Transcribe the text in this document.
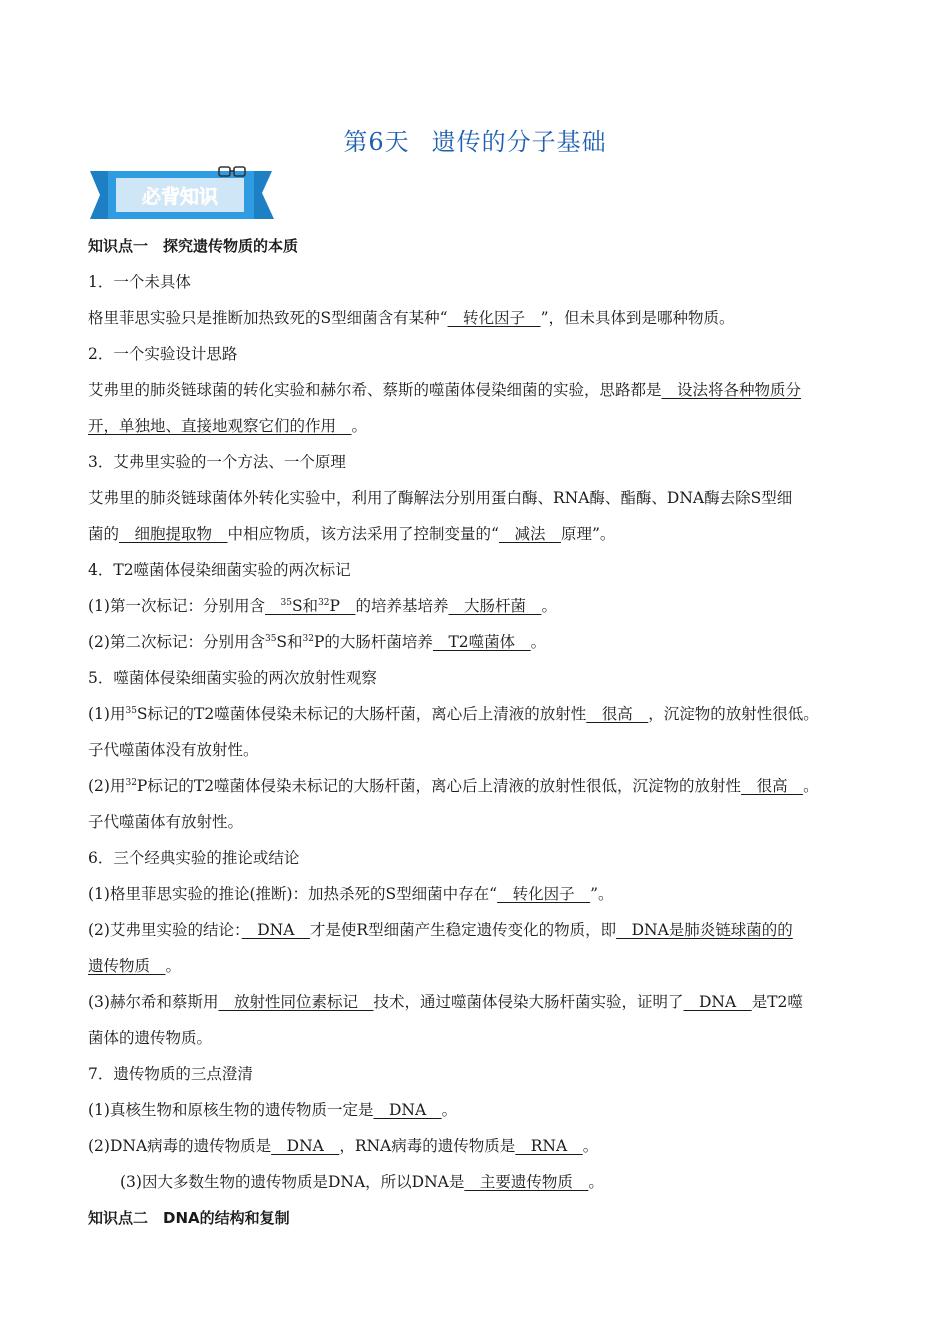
第6天 遗传的分子基础
必背知识
知识点一　探究遗传物质的本质
1．一个未具体
格里菲思实验只是推断加热致死的S型细菌含有某种“　转化因子　”，但未具体到是哪种物质。
2．一个实验设计思路
艾弗里的肺炎链球菌的转化实验和赫尔希、蔡斯的噬菌体侵染细菌的实验，思路都是　设法将各种物质分
开，单独地、直接地观察它们的作用　。
3．艾弗里实验的一个方法、一个原理
艾弗里的肺炎链球菌体外转化实验中，利用了酶解法分别用蛋白酶、RNA酶、酯酶、DNA酶去除S型细
菌的　细胞提取物　中相应物质，该方法采用了控制变量的“　减法　原理”。
4．T2噬菌体侵染细菌实验的两次标记
(1)第一次标记：分别用含　 $^{35}$S和$^{32}$P　的培养基培养　大肠杆菌　。
(2)第二次标记：分别用含$^{35}$S和$^{32}$P的大肠杆菌培养　T2噬菌体　。
5．噬菌体侵染细菌实验的两次放射性观察
(1)用$^{35}$S标记的T2噬菌体侵染未标记的大肠杆菌，离心后上清液的放射性　很高　，沉淀物的放射性很低。
子代噬菌体没有放射性。
(2)用$^{32}$P标记的T2噬菌体侵染未标记的大肠杆菌，离心后上清液的放射性很低，沉淀物的放射性　很高　。
子代噬菌体有放射性。
6．三个经典实验的推论或结论
(1)格里菲思实验的推论(推断)：加热杀死的S型细菌中存在“　转化因子　”。
(2)艾弗里实验的结论：　DNA　才是使R型细菌产生稳定遗传变化的物质，即　DNA是肺炎链球菌的的
遗传物质　。
(3)赫尔希和蔡斯用　放射性同位素标记　技术，通过噬菌体侵染大肠杆菌实验，证明了　DNA　是T2噬
菌体的遗传物质。
7．遗传物质的三点澄清
(1)真核生物和原核生物的遗传物质一定是　DNA　。
(2)DNA病毒的遗传物质是　DNA　，RNA病毒的遗传物质是　RNA　。
(3)因大多数生物的遗传物质是DNA，所以DNA是　主要遗传物质　。
知识点二　DNA的结构和复制
